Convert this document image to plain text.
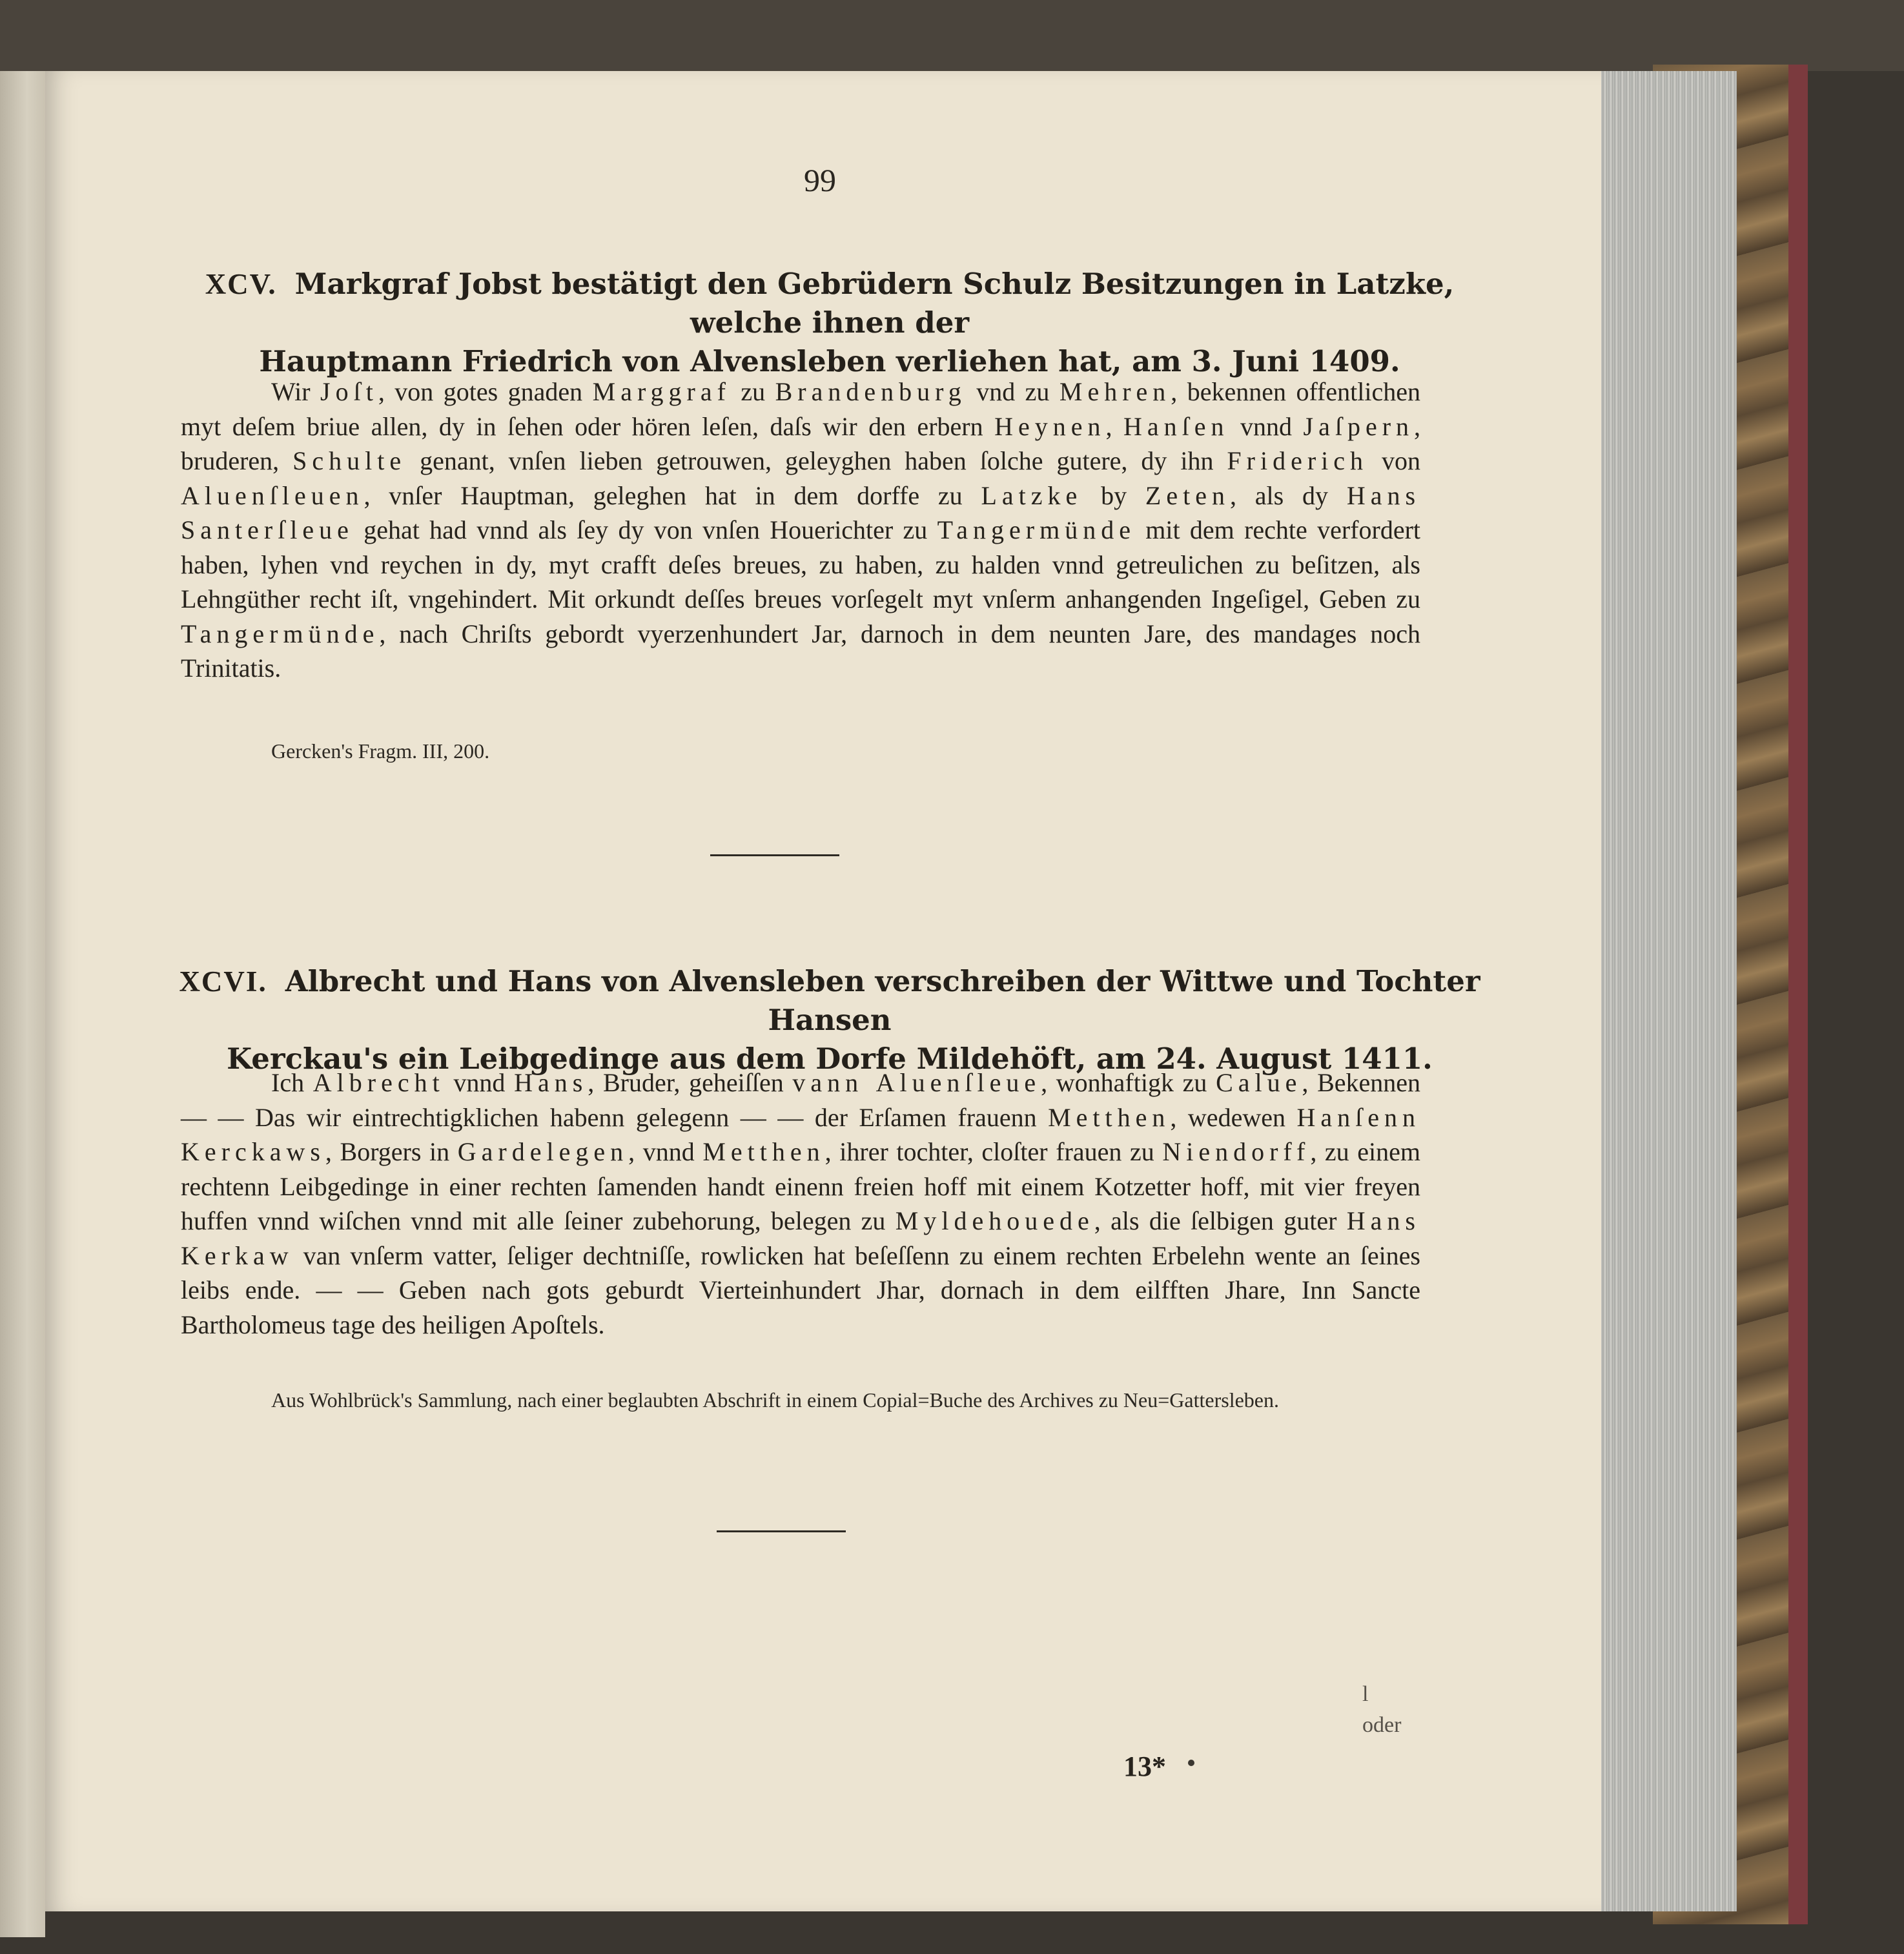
99
XCV. Markgraf Jobst bestätigt den Gebrüdern Schulz Besitzungen in Latzke, welche ihnen der
Hauptmann Friedrich von Alvensleben verliehen hat, am 3. Juni 1409.

Wir Joſt, von gotes gnaden Marggraf zu Brandenburg vnd zu Mehren, bekennen offentlichen myt deſem briue allen, dy in ſehen oder hören leſen, daſs wir den erbern Heynen, Hanſen vnnd Jaſpern, bruderen, Schulte genant, vnſen lieben getrouwen, geleyghen haben ſolche gutere, dy ihn Friderich von Aluenſleuen, vnſer Hauptman, geleghen hat in dem dorffe zu Latzke by Zeten, als dy Hans Santerſleue gehat had vnnd als ſey dy von vnſen Houerichter zu Tangermünde mit dem rechte verfordert haben, lyhen vnd reychen in dy, myt crafft deſes breues, zu haben, zu halden vnnd getreulichen zu beſitzen, als Lehngüther recht iſt, vngehindert. Mit orkundt deſſes breues vorſegelt myt vnſerm anhangenden Ingeſigel, Geben zu Tangermünde, nach Chriſts gebordt vyerzenhundert Jar, darnoch in dem neunten Jare, des mandages noch Trinitatis.

Gercken's Fragm. III, 200.
XCVI. Albrecht und Hans von Alvensleben verschreiben der Wittwe und Tochter Hansen
Kerckau's ein Leibgedinge aus dem Dorfe Mildehöft, am 24. August 1411.

Ich Albrecht vnnd Hans, Bruder, geheiſſen vann Aluenſleue, wonhaftigk zu Calue, Bekennen — — Das wir eintrechtigklichen habenn gelegenn — — der Erſamen frauenn Metthen, wedewen Hanſenn Kerckaws, Borgers in Gardelegen, vnnd Metthen, ihrer tochter, cloſter frauen zu Niendorff, zu einem rechtenn Leibgedinge in einer rechten ſamenden handt einenn freien hoff mit einem Kotzetter hoff, mit vier freyen huffen vnnd wiſchen vnnd mit alle ſeiner zubehorung, belegen zu Myldehouede, als die ſelbigen guter Hans Kerkaw van vnſerm vatter, ſeliger dechtniſſe, rowlicken hat beſeſſenn zu einem rechten Erbelehn wente an ſeines leibs ende. — — Geben nach gots geburdt Vierteinhundert Jhar, dornach in dem eilfften Jhare, Inn Sancte Bartholomeus tage des heiligen Apoſtels.

Aus Wohlbrück's Sammlung, nach einer beglaubten Abschrift in einem Copial=Buche des Archives zu Neu=Gattersleben.
l
oder
13*
